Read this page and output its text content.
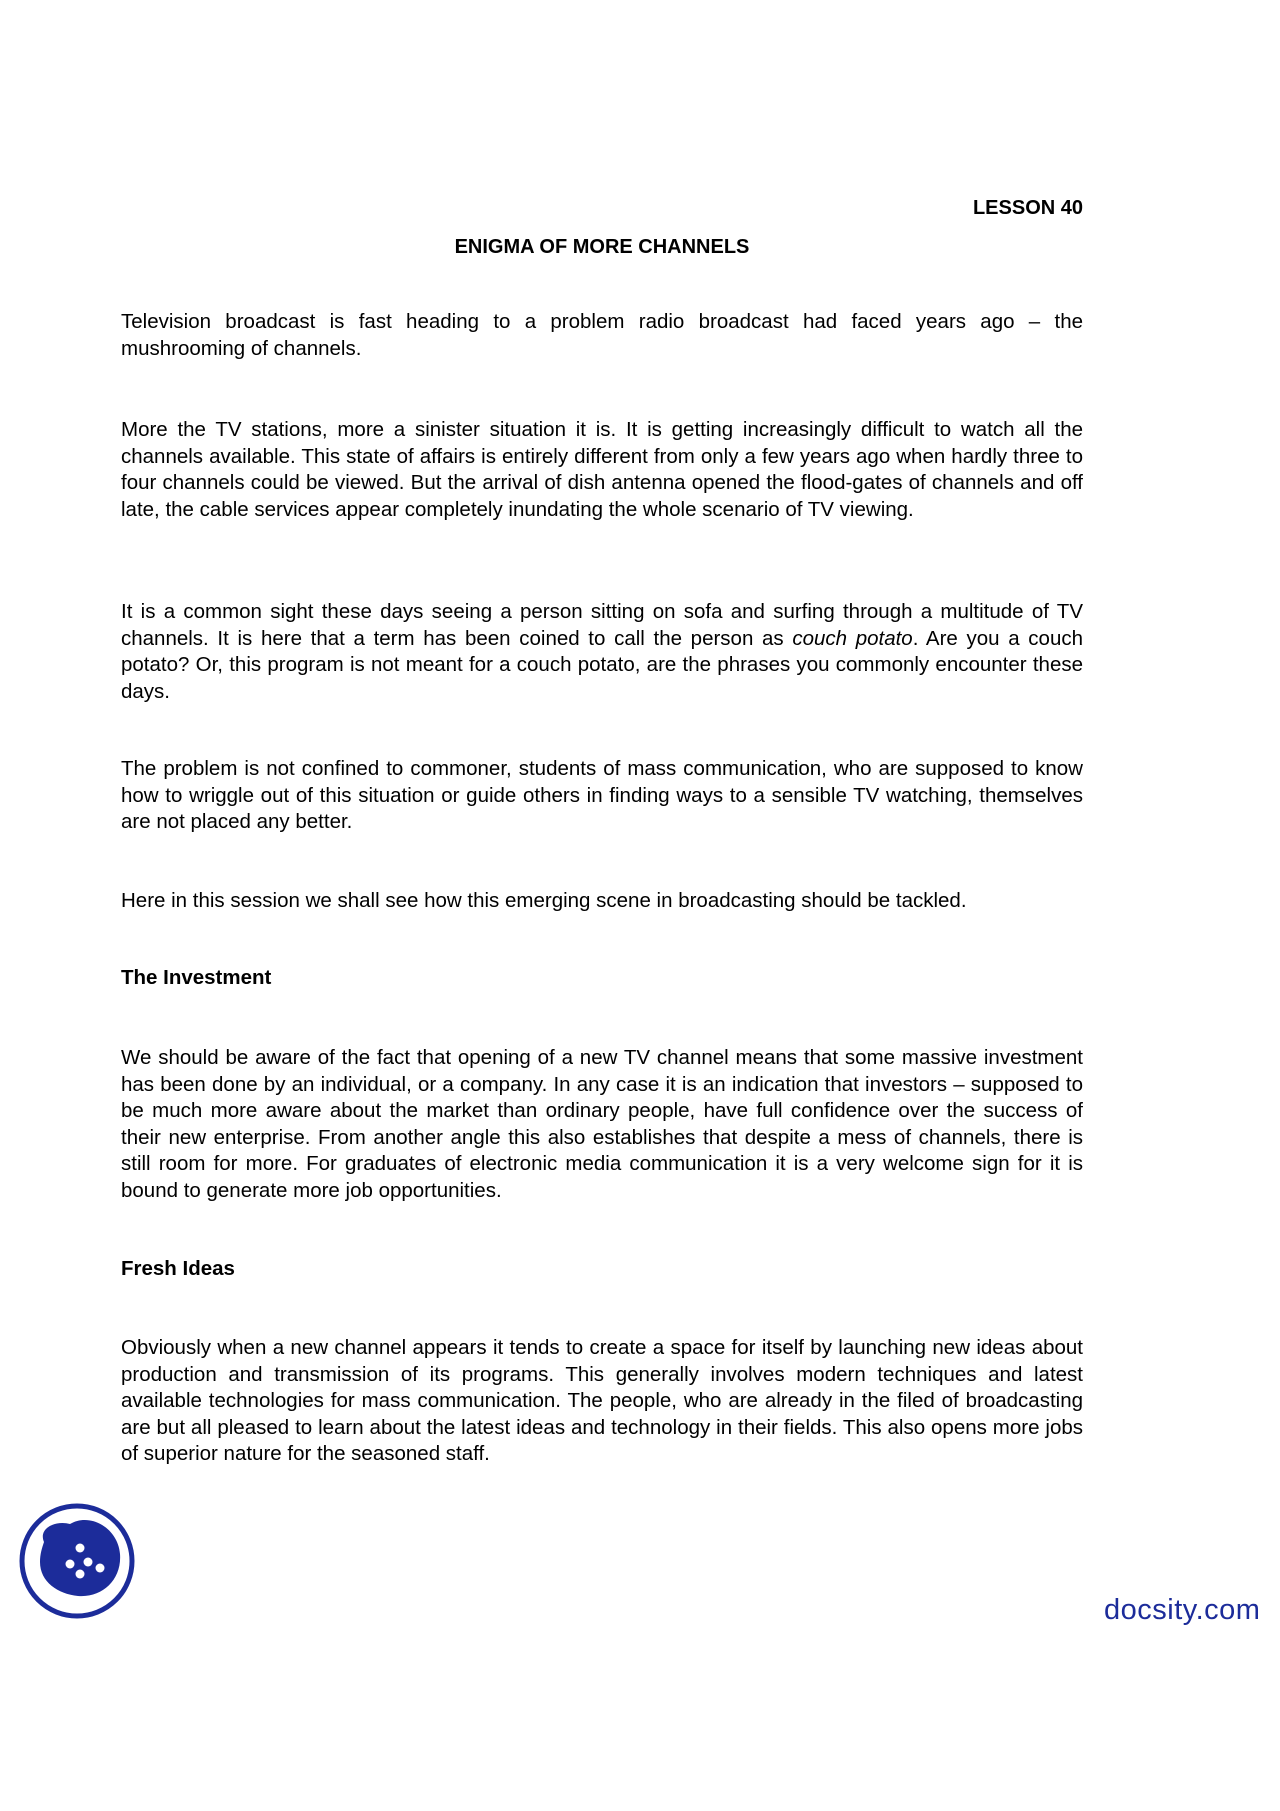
LESSON 40
ENIGMA OF MORE CHANNELS

Television broadcast is fast heading to a problem radio broadcast had faced years ago – the mushrooming of channels.

More the TV stations, more a sinister situation it is. It is getting increasingly difficult to watch all the channels available. This state of affairs is entirely different from only a few years ago when hardly three to four channels could be viewed. But the arrival of dish antenna opened the flood-gates of channels and off late, the cable services appear completely inundating the whole scenario of TV viewing.

It is a common sight these days seeing a person sitting on sofa and surfing through a multitude of TV channels. It is here that a term has been coined to call the person as couch potato. Are you a couch potato? Or, this program is not meant for a couch potato, are the phrases you commonly encounter these days.

The problem is not confined to commoner, students of mass communication, who are supposed to know how to wriggle out of this situation or guide others in finding ways to a sensible TV watching, themselves are not placed any better.

Here in this session we shall see how this emerging scene in broadcasting should be tackled.

The Investment

We should be aware of the fact that opening of a new TV channel means that some massive investment has been done by an individual, or a company. In any case it is an indication that investors – supposed to be much more aware about the market than ordinary people, have full confidence over the success of their new enterprise. From another angle this also establishes that despite a mess of channels, there is still room for more. For graduates of electronic media communication it is a very welcome sign for it is bound to generate more job opportunities.

Fresh Ideas

Obviously when a new channel appears it tends to create a space for itself by launching new ideas about production and transmission of its programs. This generally involves modern techniques and latest available technologies for mass communication. The people, who are already in the filed of broadcasting are but all pleased to learn about the latest ideas and technology in their fields. This also opens more jobs of superior nature for the seasoned staff.

docsity.com
